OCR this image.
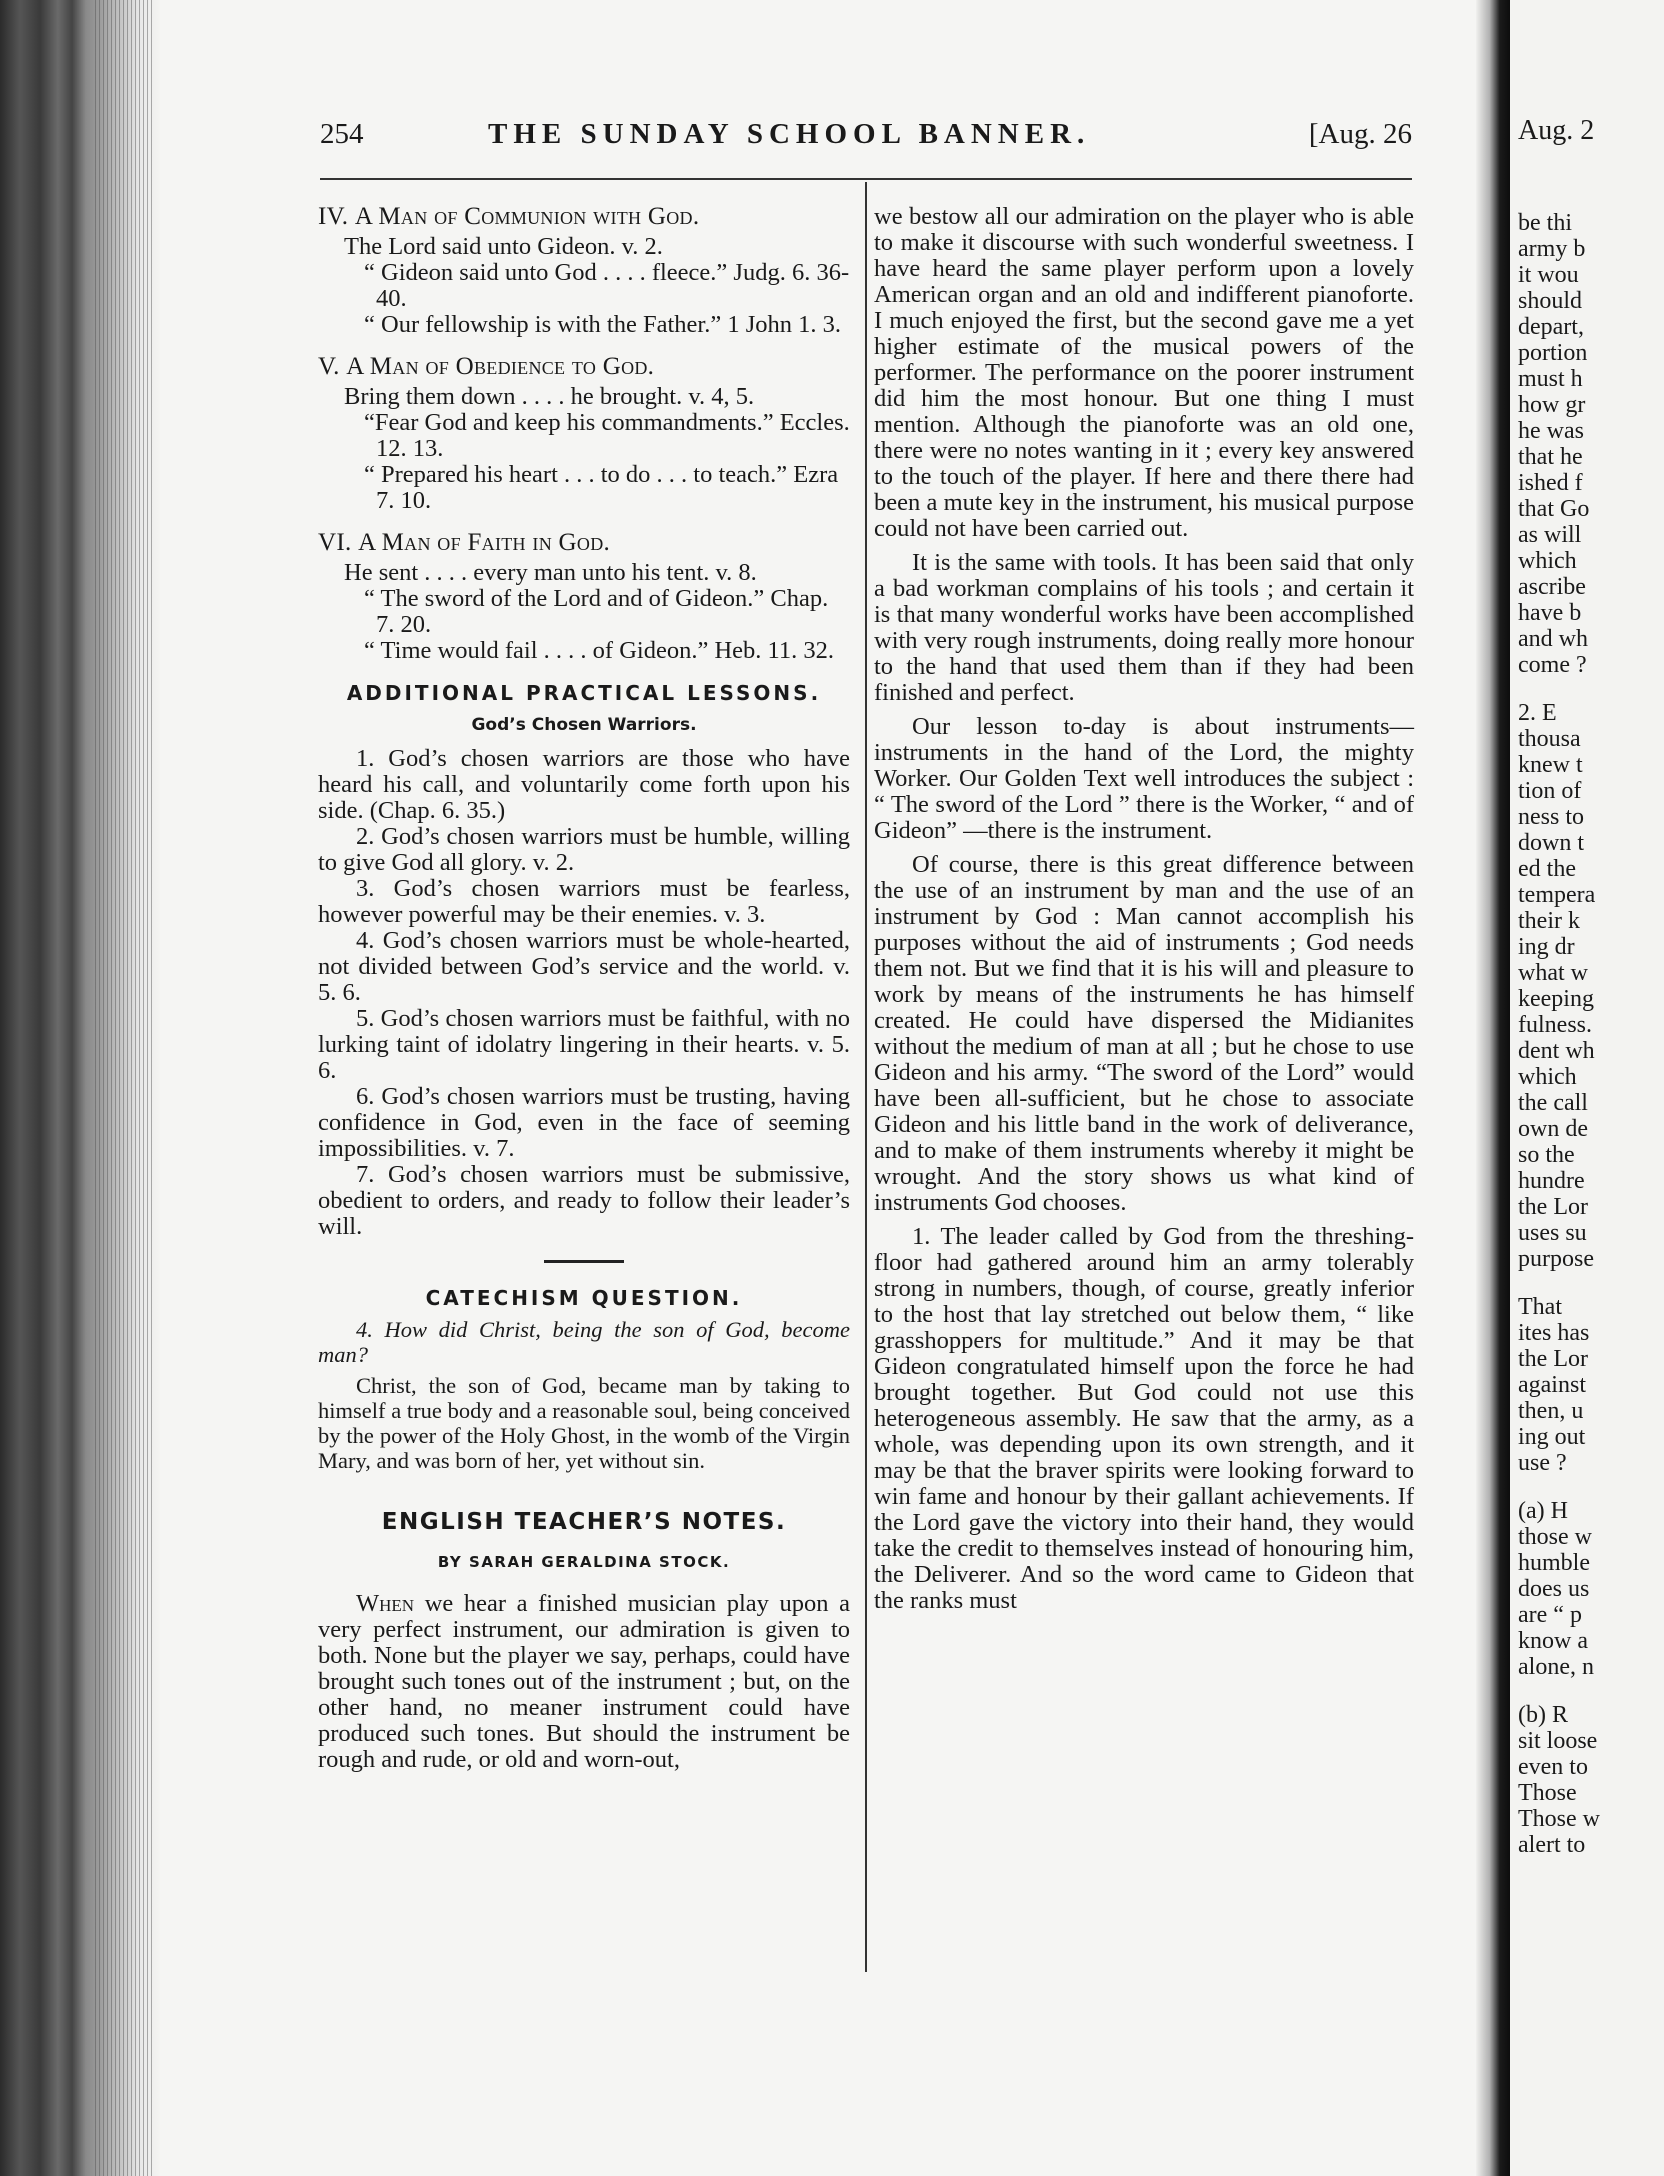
254	THE SUNDAY SCHOOL BANNER.	[Aug. 26
IV. A Man of Communion with God.
The Lord said unto Gideon. v. 2.
“ Gideon said unto God . . . . fleece.” Judg. 6. 36-40.
“ Our fellowship is with the Father.” 1 John 1. 3.
V. A Man of Obedience to God.
Bring them down . . . . he brought. v. 4, 5.
“Fear God and keep his commandments.” Eccles. 12. 13.
“ Prepared his heart . . . to do . . . to teach.” Ezra 7. 10.
VI. A Man of Faith in God.
He sent . . . . every man unto his tent. v. 8.
“ The sword of the Lord and of Gideon.” Chap. 7. 20.
“ Time would fail . . . . of Gideon.” Heb. 11. 32.
ADDITIONAL PRACTICAL LESSONS.
God’s Chosen Warriors.

1. God’s chosen warriors are those who have heard his call, and voluntarily come forth upon his side. (Chap. 6. 35.)

2. God’s chosen warriors must be humble, willing to give God all glory. v. 2.

3. God’s chosen warriors must be fearless, however powerful may be their enemies. v. 3.

4. God’s chosen warriors must be whole-hearted, not divided between God’s service and the world. v. 5. 6.

5. God’s chosen warriors must be faithful, with no lurking taint of idolatry lingering in their hearts. v. 5. 6.

6. God’s chosen warriors must be trusting, having confidence in God, even in the face of seeming impossibilities. v. 7.

7. God’s chosen warriors must be submissive, obedient to orders, and ready to follow their leader’s will.

CATECHISM QUESTION.

4. How did Christ, being the son of God, become man?

Christ, the son of God, became man by taking to himself a true body and a reasonable soul, being conceived by the power of the Holy Ghost, in the womb of the Virgin Mary, and was born of her, yet without sin.

ENGLISH TEACHER’S NOTES.
BY SARAH GERALDINA STOCK.

When we hear a finished musician play upon a very perfect instrument, our admiration is given to both. None but the player we say, perhaps, could have brought such tones out of the instrument ; but, on the other hand, no meaner instrument could have produced such tones. But should the instrument be rough and rude, or old and worn-out,

we bestow all our admiration on the player who is able to make it discourse with such wonderful sweetness. I have heard the same player perform upon a lovely American organ and an old and indifferent pianoforte. I much enjoyed the first, but the second gave me a yet higher estimate of the musical powers of the performer. The performance on the poorer instrument did him the most honour. But one thing I must mention. Although the pianoforte was an old one, there were no notes wanting in it ; every key answered to the touch of the player. If here and there there had been a mute key in the instrument, his musical purpose could not have been carried out.

It is the same with tools. It has been said that only a bad workman complains of his tools ; and certain it is that many wonderful works have been accomplished with very rough instruments, doing really more honour to the hand that used them than if they had been finished and perfect.

Our lesson to-day is about instruments—instruments in the hand of the Lord, the mighty Worker. Our Golden Text well introduces the subject : “ The sword of the Lord ” there is the Worker, “ and of Gideon” —there is the instrument.

Of course, there is this great difference between the use of an instrument by man and the use of an instrument by God : Man cannot accomplish his purposes without the aid of instruments ; God needs them not. But we find that it is his will and pleasure to work by means of the instruments he has himself created. He could have dispersed the Midianites without the medium of man at all ; but he chose to use Gideon and his army. “The sword of the Lord” would have been all-sufficient, but he chose to associate Gideon and his little band in the work of deliverance, and to make of them instruments whereby it might be wrought. And the story shows us what kind of instruments God chooses.

1. The leader called by God from the threshing-floor had gathered around him an army tolerably strong in numbers, though, of course, greatly inferior to the host that lay stretched out below them, “ like grasshoppers for multitude.” And it may be that Gideon congratulated himself upon the force he had brought together. But God could not use this heterogeneous assembly. He saw that the army, as a whole, was depending upon its own strength, and it may be that the braver spirits were looking forward to win fame and honour by their gallant achievements. If the Lord gave the victory into their hand, they would take the credit to themselves instead of honouring him, the Deliverer. And so the word came to Gideon that the ranks must

Aug. 2
be thi
army b
it wou
should
depart,
portion
must h
how gr
he was
that he
ished f
that Go
as will
which
ascribe
have b
and wh
come ?
2. E
thousa
knew t
tion of
ness to
down t
ed the
tempera
their k
ing dr
what w
keeping
fulness.
dent wh
which
the call
own de
so the
hundre
the Lor
uses su
purpose
That
ites has
the Lor
against
then, u
ing out
use ?
(a) H
those w
humble
does us
are “ p
know a
alone, n
(b) R
sit loose
even to
Those
Those w
alert to
